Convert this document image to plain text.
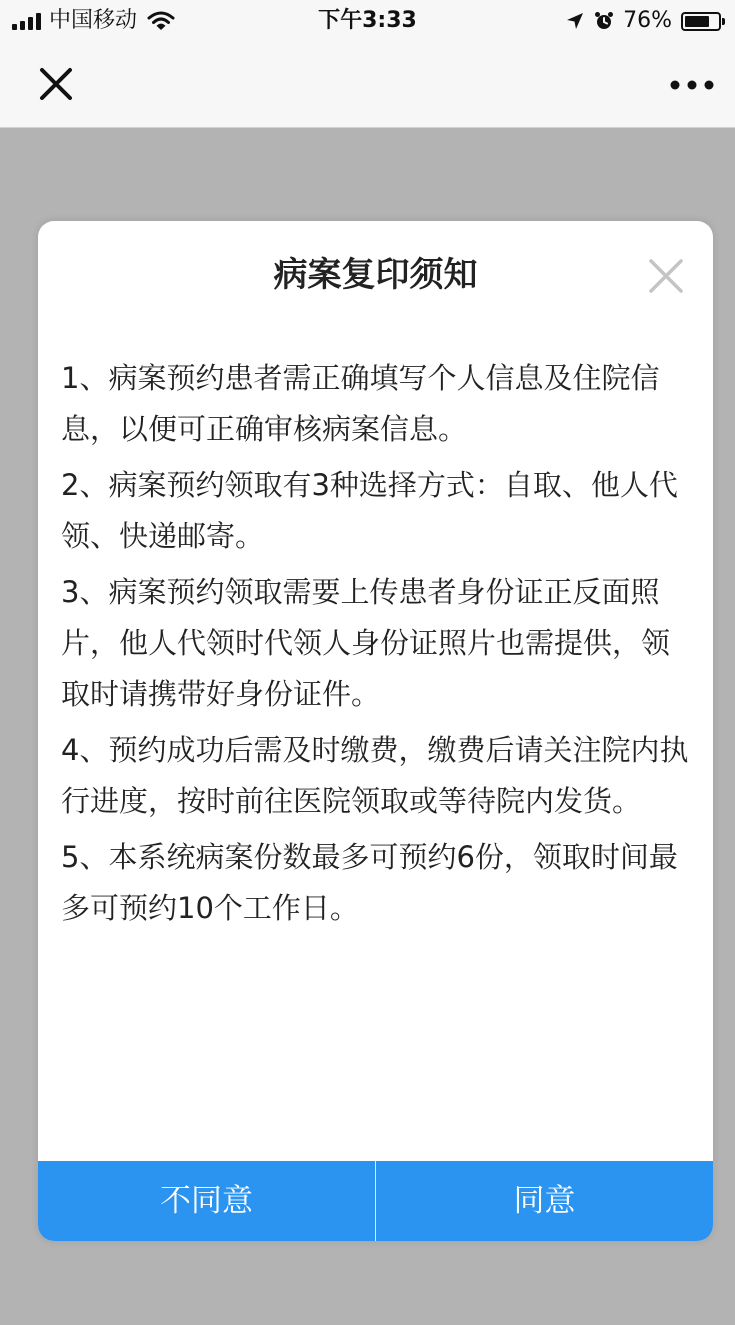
中国移动	下午3:33	76%
病案复印须知

1、病案预约患者需正确填写个人信息及住院信息，以便可正确审核病案信息。

2、病案预约领取有3种选择方式：自取、他人代领、快递邮寄。

3、病案预约领取需要上传患者身份证正反面照片，他人代领时代领人身份证照片也需提供，领取时请携带好身份证件。

4、预约成功后需及时缴费，缴费后请关注院内执行进度，按时前往医院领取或等待院内发货。

5、本系统病案份数最多可预约6份，领取时间最多可预约10个工作日。

不同意	同意
